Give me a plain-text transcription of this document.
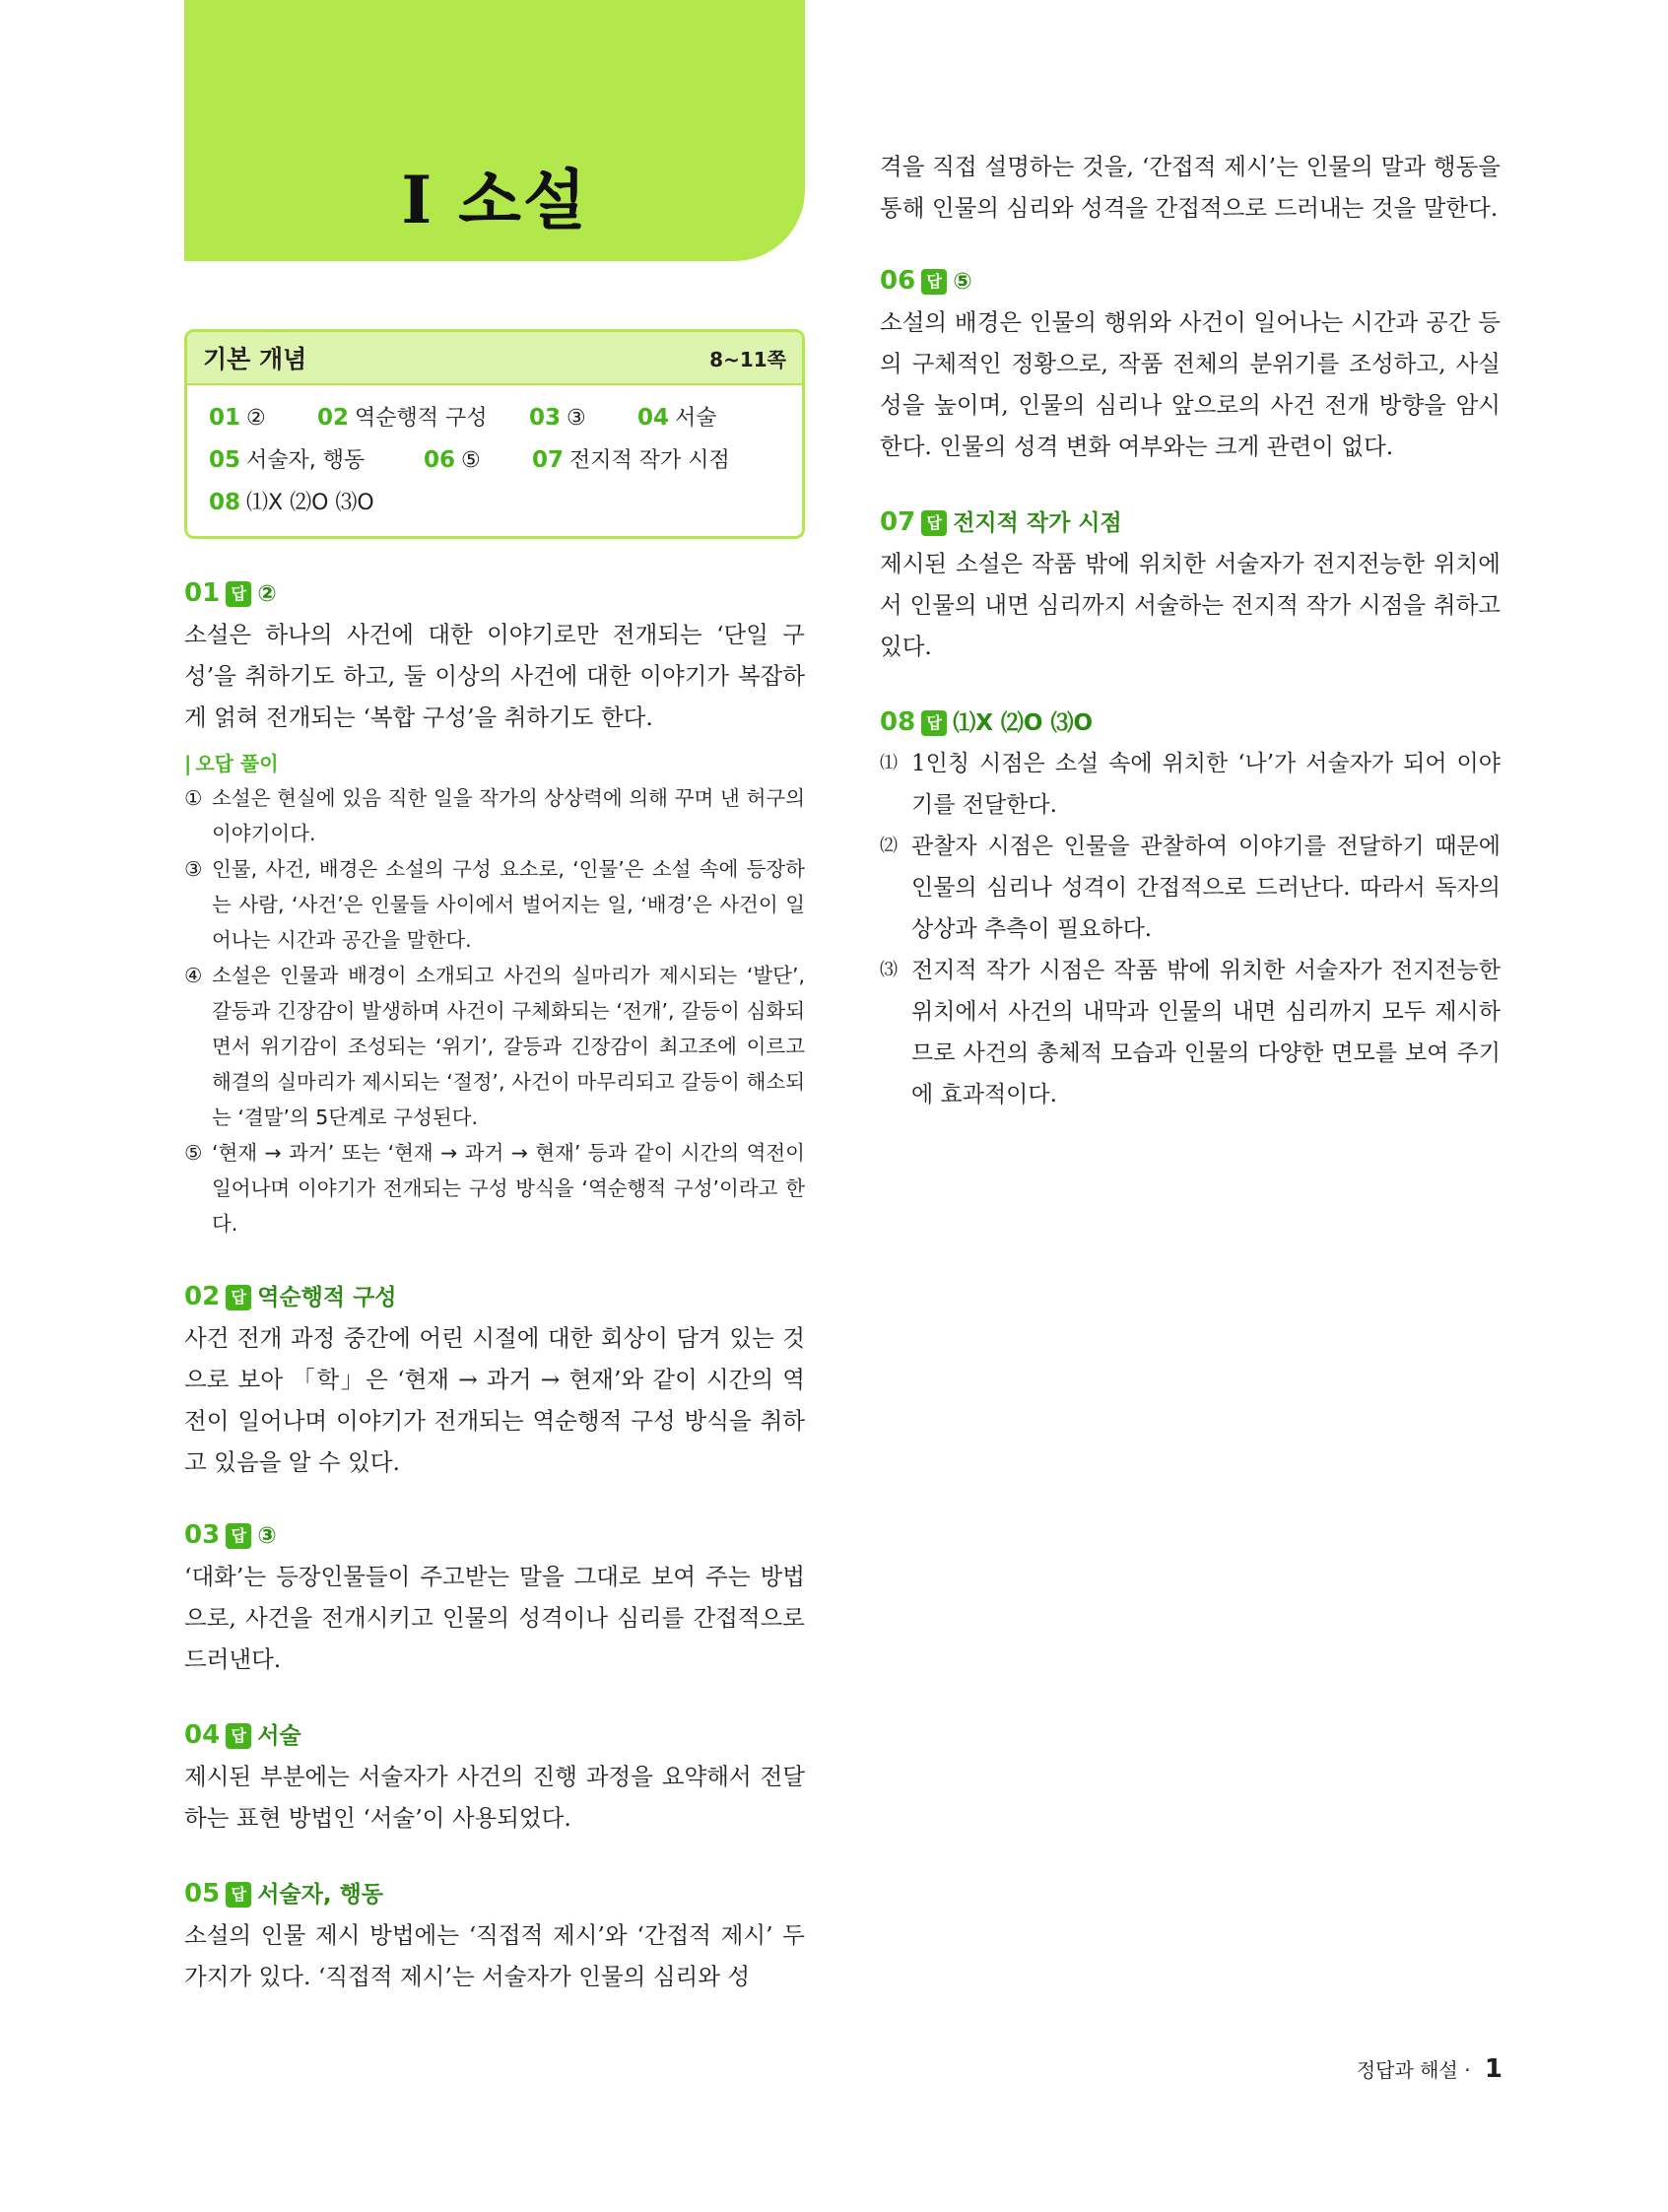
I 소설
기본 개념	8~11쪽
01 ②	02 역순행적 구성	03 ③	04 서술
05 서술자, 행동	06 ⑤	07 전지적 작가 시점
08 ⑴X ⑵O ⑶O
01 답 ②
소설은 하나의 사건에 대한 이야기로만 전개되는 ‘단일 구성’을 취하기도 하고, 둘 이상의 사건에 대한 이야기가 복잡하게 얽혀 전개되는 ‘복합 구성’을 취하기도 한다.
| 오답 풀이
① 소설은 현실에 있음 직한 일을 작가의 상상력에 의해 꾸며 낸 허구의 이야기이다.
③ 인물, 사건, 배경은 소설의 구성 요소로, ‘인물’은 소설 속에 등장하는 사람, ‘사건’은 인물들 사이에서 벌어지는 일, ‘배경’은 사건이 일어나는 시간과 공간을 말한다.
④ 소설은 인물과 배경이 소개되고 사건의 실마리가 제시되는 ‘발단’, 갈등과 긴장감이 발생하며 사건이 구체화되는 ‘전개’, 갈등이 심화되면서 위기감이 조성되는 ‘위기’, 갈등과 긴장감이 최고조에 이르고 해결의 실마리가 제시되는 ‘절정’, 사건이 마무리되고 갈등이 해소되는 ‘결말’의 5단계로 구성된다.
⑤ ‘현재 → 과거’ 또는 ‘현재 → 과거 → 현재’ 등과 같이 시간의 역전이 일어나며 이야기가 전개되는 구성 방식을 ‘역순행적 구성’이라고 한다.
02 답 역순행적 구성
사건 전개 과정 중간에 어린 시절에 대한 회상이 담겨 있는 것으로 보아 「학」은 ‘현재 → 과거 → 현재’와 같이 시간의 역전이 일어나며 이야기가 전개되는 역순행적 구성 방식을 취하고 있음을 알 수 있다.
03 답 ③
‘대화’는 등장인물들이 주고받는 말을 그대로 보여 주는 방법으로, 사건을 전개시키고 인물의 성격이나 심리를 간접적으로 드러낸다.
04 답 서술
제시된 부분에는 서술자가 사건의 진행 과정을 요약해서 전달하는 표현 방법인 ‘서술’이 사용되었다.
05 답 서술자, 행동
소설의 인물 제시 방법에는 ‘직접적 제시’와 ‘간접적 제시’ 두 가지가 있다. ‘직접적 제시’는 서술자가 인물의 심리와 성
격을 직접 설명하는 것을, ‘간접적 제시’는 인물의 말과 행동을 통해 인물의 심리와 성격을 간접적으로 드러내는 것을 말한다.
06 답 ⑤
소설의 배경은 인물의 행위와 사건이 일어나는 시간과 공간 등의 구체적인 정황으로, 작품 전체의 분위기를 조성하고, 사실성을 높이며, 인물의 심리나 앞으로의 사건 전개 방향을 암시한다. 인물의 성격 변화 여부와는 크게 관련이 없다.
07 답 전지적 작가 시점
제시된 소설은 작품 밖에 위치한 서술자가 전지전능한 위치에서 인물의 내면 심리까지 서술하는 전지적 작가 시점을 취하고 있다.
08 답 ⑴X ⑵O ⑶O
⑴ 1인칭 시점은 소설 속에 위치한 ‘나’가 서술자가 되어 이야기를 전달한다.
⑵ 관찰자 시점은 인물을 관찰하여 이야기를 전달하기 때문에 인물의 심리나 성격이 간접적으로 드러난다. 따라서 독자의 상상과 추측이 필요하다.
⑶ 전지적 작가 시점은 작품 밖에 위치한 서술자가 전지전능한 위치에서 사건의 내막과 인물의 내면 심리까지 모두 제시하므로 사건의 총체적 모습과 인물의 다양한 면모를 보여 주기에 효과적이다.
정답과 해설 · 1
